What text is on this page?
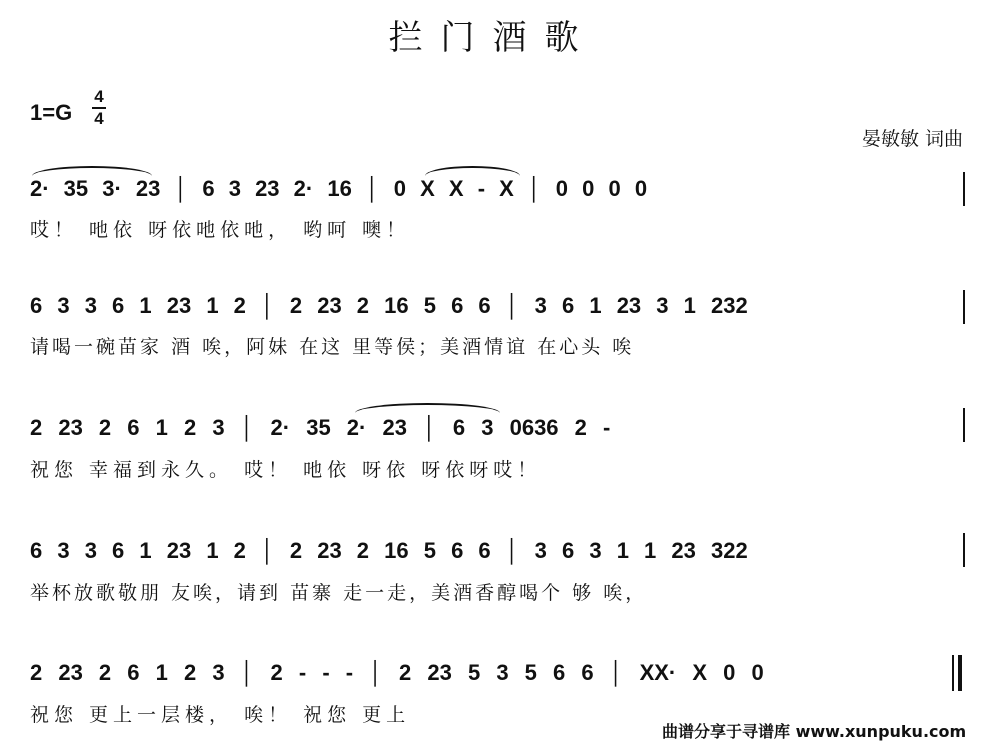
拦门酒歌
1=G
4
4
晏敏敏 词曲
2· 35 3· 23 │ 6 3 23 2· 16 │ 0 X X - X │ 0 0 0 0
哎！ 吔依 呀依吔依吔， 哟呵 噢！
6 3 3 6 1 23 1 2 │ 2 23 2 16 5 6 6 │ 3 6 1 23 3 1 232
请喝一碗苗家 酒 唉，阿妹 在这 里等侯；美酒情谊 在心头 唉
2 23 2 6 1 2 3 │ 2· 35 2· 23 │ 6 3 0636 2 -
祝您 幸福到永久。 哎！ 吔依 呀依 呀依呀哎！
6 3 3 6 1 23 1 2 │ 2 23 2 16 5 6 6 │ 3 6 3 1 1 23 322
举杯放歌敬朋 友唉，请到 苗寨 走一走，美酒香醇喝个 够 唉，
2 23 2 6 1 2 3 │ 2 - - - │ 2 23 5 3 5 6 6 │ XX· X 0 0
祝您 更上一层楼， 唉！ 祝您 更上
曲谱分享于寻谱库 www.xunpuku.com
